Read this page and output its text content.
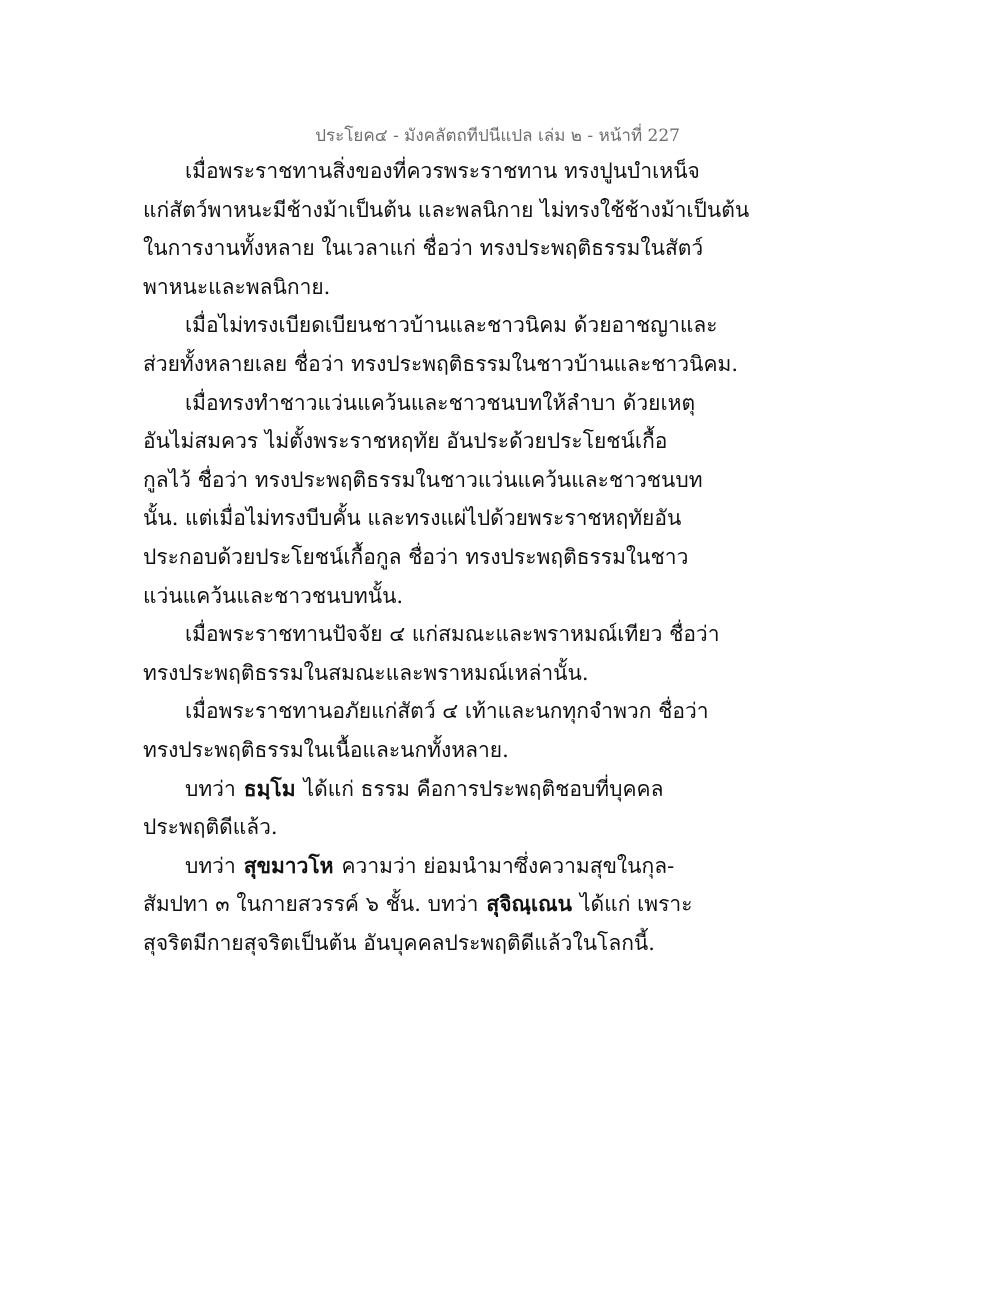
ประโยค๔ - มังคลัตถทีปนีแปล เล่ม ๒ - หน้าที่ 227
เมื่อพระราชทานสิ่งของที่ควรพระราชทาน ทรงปูนบำเหน็จ
แก่สัตว์พาหนะมีช้างม้าเป็นต้น และพลนิกาย ไม่ทรงใช้ช้างม้าเป็นต้น
ในการงานทั้งหลาย ในเวลาแก่ ชื่อว่า ทรงประพฤติธรรมในสัตว์
พาหนะและพลนิกาย.
เมื่อไม่ทรงเบียดเบียนชาวบ้านและชาวนิคม ด้วยอาชญาและ
ส่วยทั้งหลายเลย ชื่อว่า ทรงประพฤติธรรมในชาวบ้านและชาวนิคม.
เมื่อทรงทำชาวแว่นแคว้นและชาวชนบทให้ลำบา ด้วยเหตุ
อันไม่สมควร ไม่ตั้งพระราชหฤทัย อันประด้วยประโยชน์เกื้อ
กูลไว้ ชื่อว่า ทรงประพฤติธรรมในชาวแว่นแคว้นและชาวชนบท
นั้น. แต่เมื่อไม่ทรงบีบคั้น และทรงแผ่ไปด้วยพระราชหฤทัยอัน
ประกอบด้วยประโยชน์เกื้อกูล ชื่อว่า ทรงประพฤติธรรมในชาว
แว่นแคว้นและชาวชนบทนั้น.
เมื่อพระราชทานปัจจัย ๔ แก่สมณะและพราหมณ์เทียว ชื่อว่า
ทรงประพฤติธรรมในสมณะและพราหมณ์เหล่านั้น.
เมื่อพระราชทานอภัยแก่สัตว์ ๔ เท้าและนกทุกจำพวก ชื่อว่า
ทรงประพฤติธรรมในเนื้อและนกทั้งหลาย.
บทว่า ธมฺโม ได้แก่ ธรรม คือการประพฤติชอบที่บุคคล
ประพฤติดีแล้ว.
บทว่า สุขมาวโห ความว่า ย่อมนำมาซึ่งความสุขในกุล-
สัมปทา ๓ ในกายสวรรค์ ๖ ชั้น. บทว่า สุจิณฺเณน ได้แก่ เพราะ
สุจริตมีกายสุจริตเป็นต้น อันบุคคลประพฤติดีแล้วในโลกนี้.
